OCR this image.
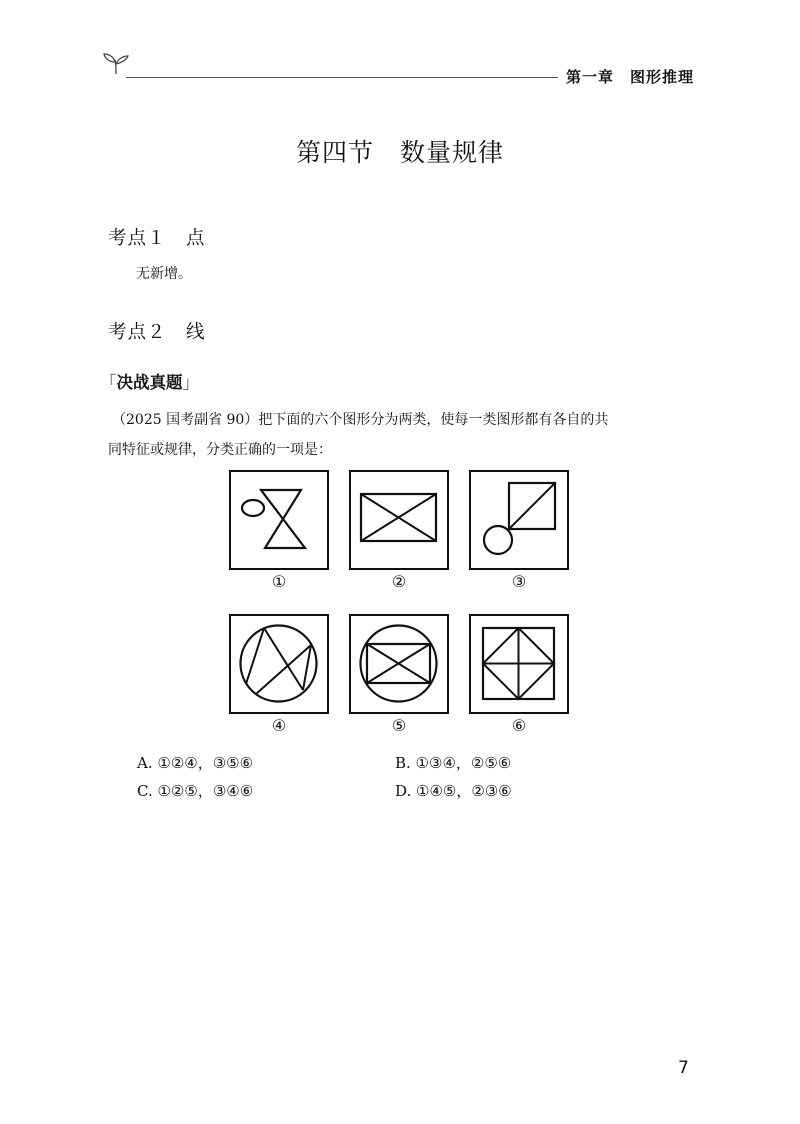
第一章　图形推理
第四节　数量规律
考点１　点
无新增。
考点２　线
「决战真题」
（2025 国考副省 90）把下面的六个图形分为两类，使每一类图形都有各自的共
同特征或规律，分类正确的一项是：
①	②	③
④	⑤	⑥
A. ①②④，③⑤⑥	B. ①③④，②⑤⑥
C. ①②⑤，③④⑥	D. ①④⑤，②③⑥
7
